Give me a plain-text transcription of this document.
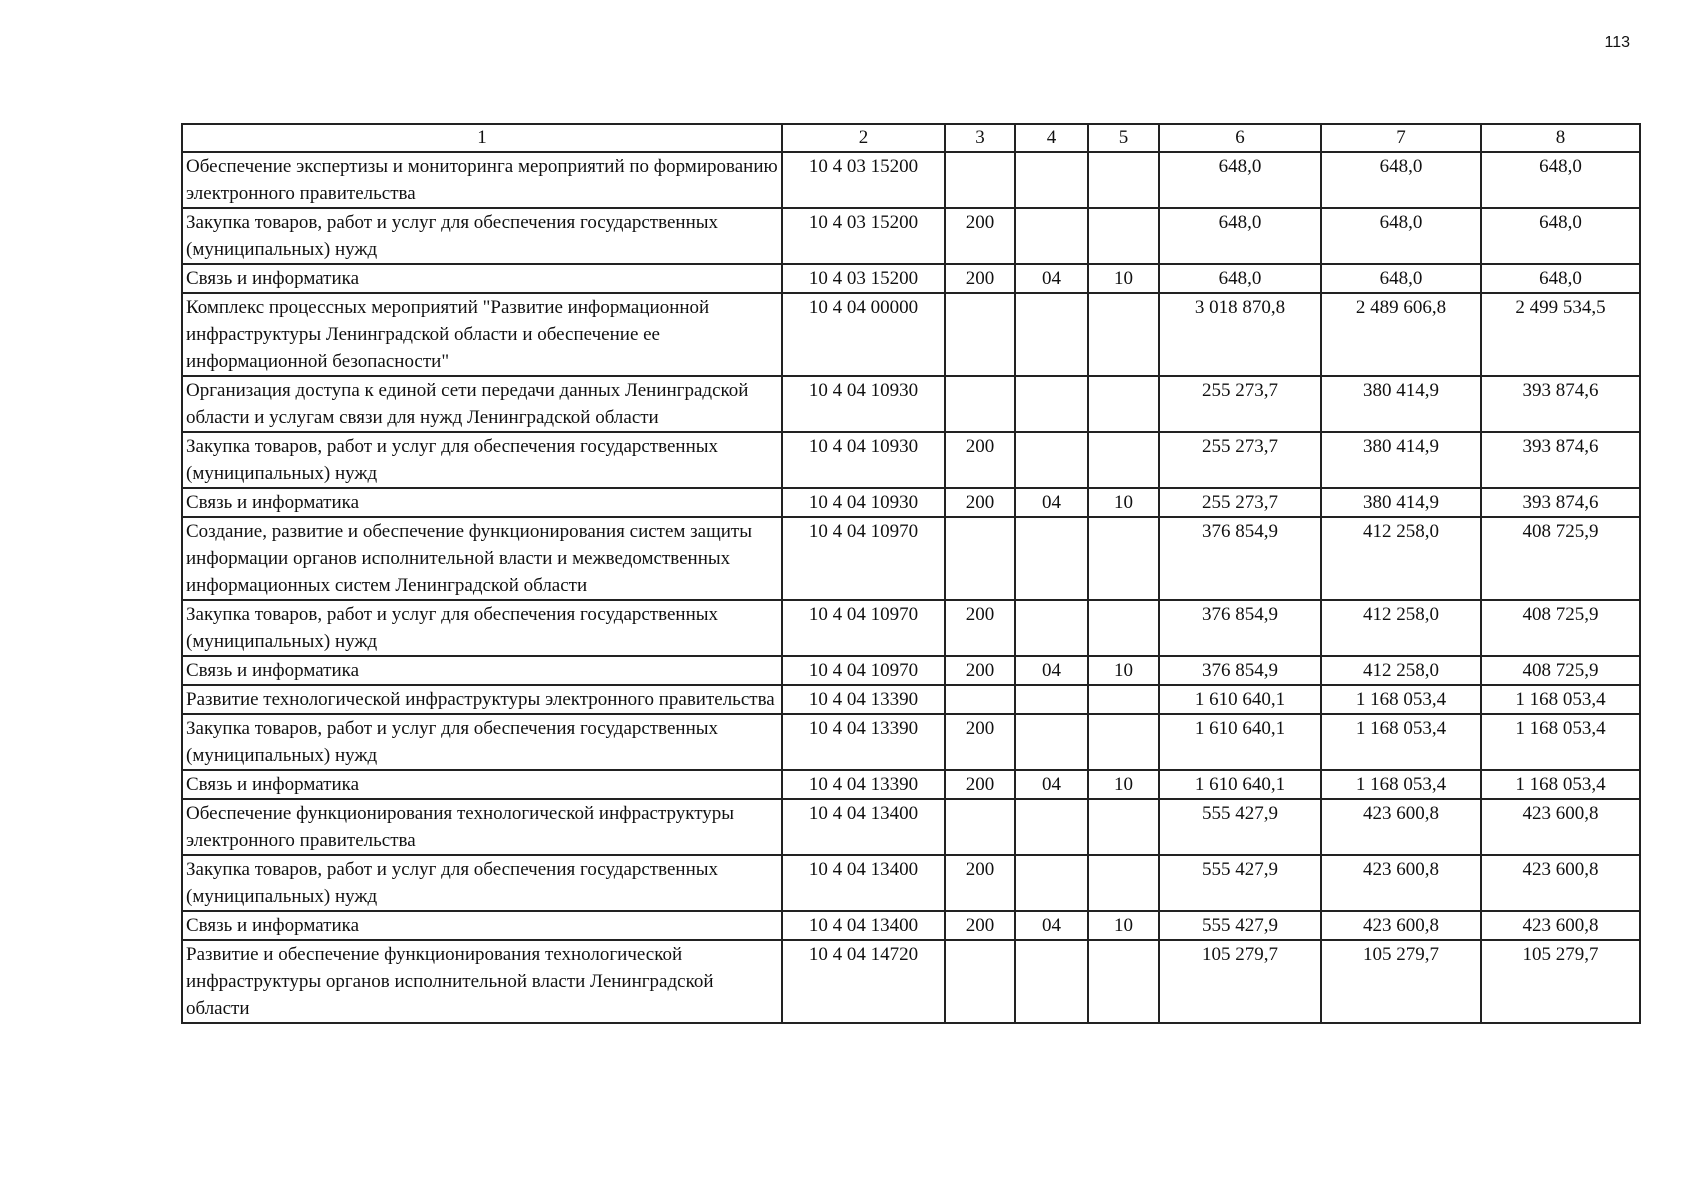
113
1	2	3	4	5	6	7	8
Обеспечение экспертизы и мониторинга мероприятий по формированию электронного правительства	10 4 03 15200				648,0	648,0	648,0
Закупка товаров, работ и услуг для обеспечения государственных (муниципальных) нужд	10 4 03 15200	200			648,0	648,0	648,0
Связь и информатика	10 4 03 15200	200	04	10	648,0	648,0	648,0
Комплекс процессных мероприятий "Развитие информационной инфраструктуры Ленинградской области и обеспечение ее информационной безопасности"	10 4 04 00000				3 018 870,8	2 489 606,8	2 499 534,5
Организация доступа к единой сети передачи данных Ленинградской области и услугам связи для нужд Ленинградской области	10 4 04 10930				255 273,7	380 414,9	393 874,6
Закупка товаров, работ и услуг для обеспечения государственных (муниципальных) нужд	10 4 04 10930	200			255 273,7	380 414,9	393 874,6
Связь и информатика	10 4 04 10930	200	04	10	255 273,7	380 414,9	393 874,6
Создание, развитие и обеспечение функционирования систем защиты информации органов исполнительной власти и межведомственных информационных систем Ленинградской области	10 4 04 10970				376 854,9	412 258,0	408 725,9
Закупка товаров, работ и услуг для обеспечения государственных (муниципальных) нужд	10 4 04 10970	200			376 854,9	412 258,0	408 725,9
Связь и информатика	10 4 04 10970	200	04	10	376 854,9	412 258,0	408 725,9
Развитие технологической инфраструктуры электронного правительства	10 4 04 13390				1 610 640,1	1 168 053,4	1 168 053,4
Закупка товаров, работ и услуг для обеспечения государственных (муниципальных) нужд	10 4 04 13390	200			1 610 640,1	1 168 053,4	1 168 053,4
Связь и информатика	10 4 04 13390	200	04	10	1 610 640,1	1 168 053,4	1 168 053,4
Обеспечение функционирования технологической инфраструктуры электронного правительства	10 4 04 13400				555 427,9	423 600,8	423 600,8
Закупка товаров, работ и услуг для обеспечения государственных (муниципальных) нужд	10 4 04 13400	200			555 427,9	423 600,8	423 600,8
Связь и информатика	10 4 04 13400	200	04	10	555 427,9	423 600,8	423 600,8
Развитие и обеспечение функционирования технологической инфраструктуры органов исполнительной власти Ленинградской области	10 4 04 14720				105 279,7	105 279,7	105 279,7
